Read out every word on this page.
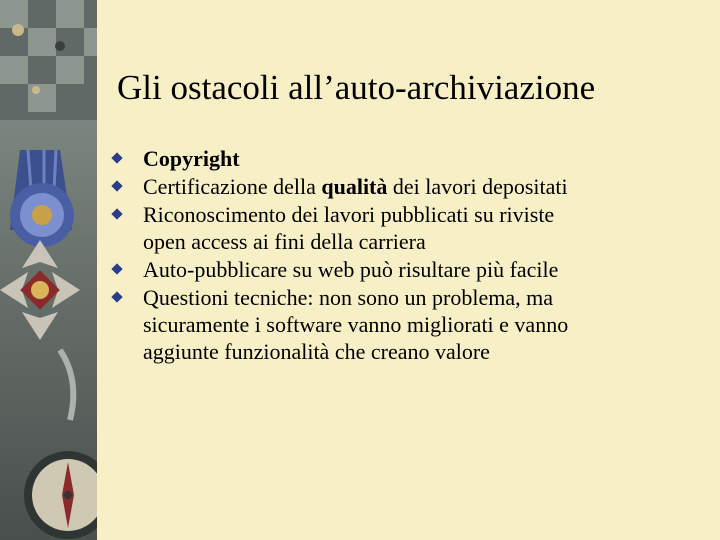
Gli ostacoli all’auto-archiviazione
Copyright
Certificazione della qualità dei lavori depositati
Riconoscimento dei lavori pubblicati su riviste
open access ai fini della carriera
Auto-pubblicare su web può risultare più facile
Questioni tecniche: non sono un problema, ma
sicuramente i software vanno migliorati e vanno
aggiunte funzionalità che creano valore
